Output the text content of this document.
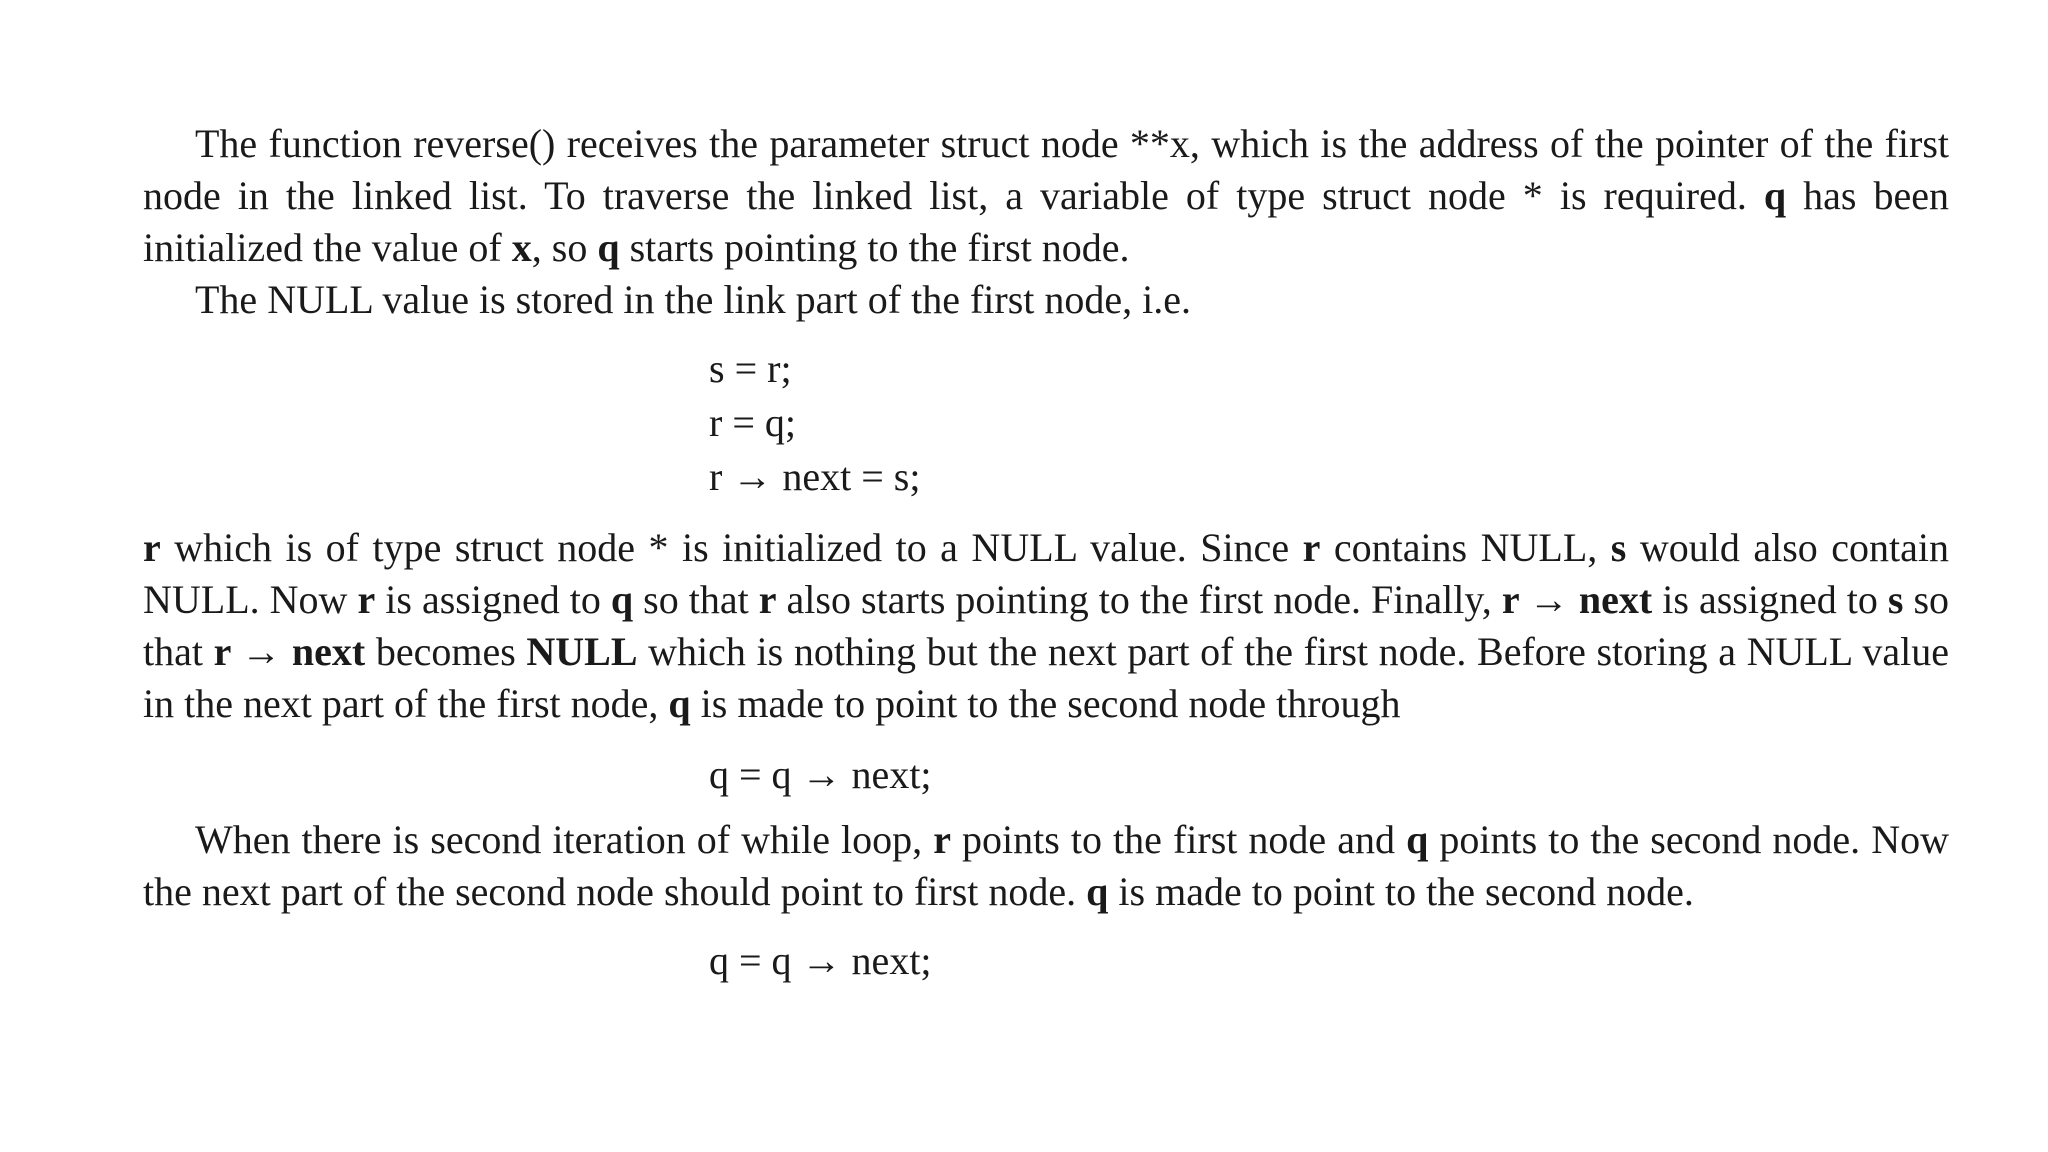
The function reverse() receives the parameter struct node **x, which is the address of the pointer of the first node in the linked list. To traverse the linked list, a variable of type struct node * is required. q has been initialized the value of x, so q starts pointing to the first node.

The NULL value is stored in the link part of the first node, i.e.

s = r;
r = q;
r → next = s;

r which is of type struct node * is initialized to a NULL value. Since r contains NULL, s would also contain NULL. Now r is assigned to q so that r also starts pointing to the first node. Finally, r → next is assigned to s so that r → next becomes NULL which is nothing but the next part of the first node. Before storing a NULL value in the next part of the first node, q is made to point to the second node through

q = q → next;

When there is second iteration of while loop, r points to the first node and q points to the second node. Now the next part of the second node should point to first node. q is made to point to the second node.

q = q → next;
